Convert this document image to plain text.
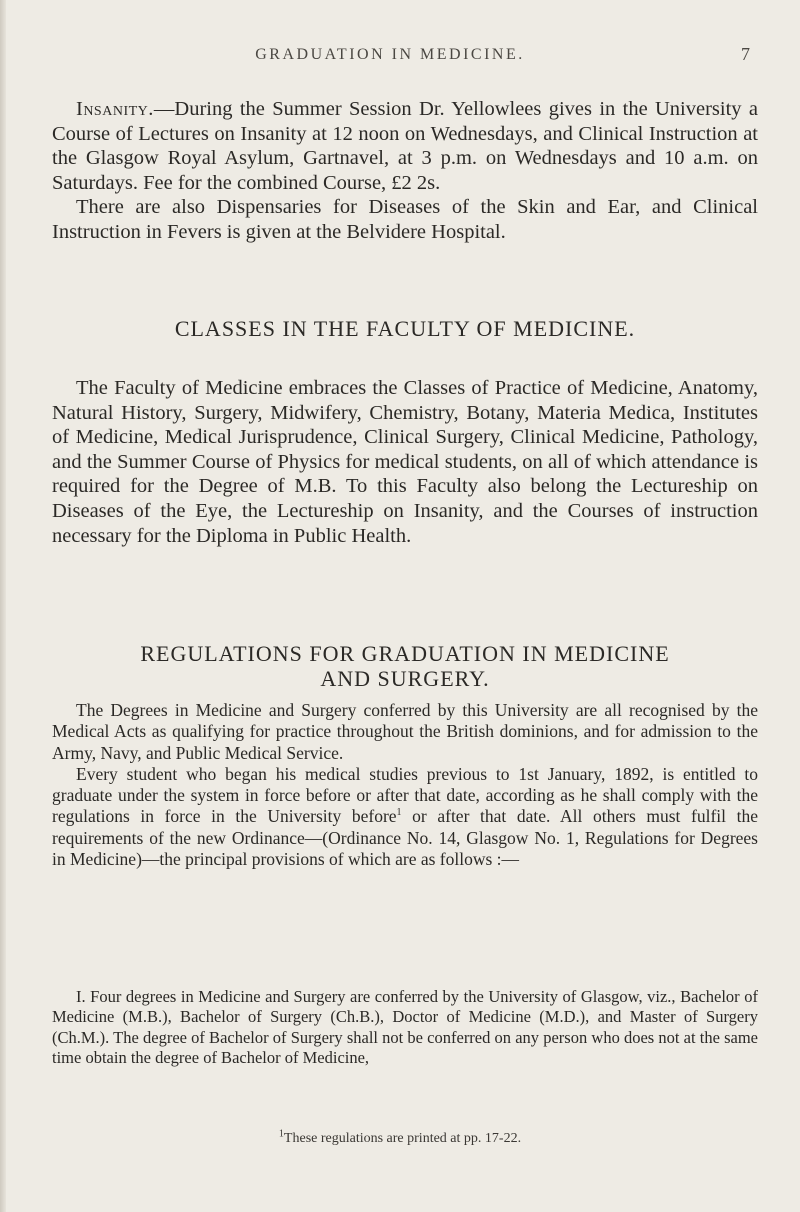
GRADUATION IN MEDICINE.	7

Insanity.—During the Summer Session Dr. Yellowlees gives in the University a Course of Lectures on Insanity at 12 noon on Wednesdays, and Clinical Instruction at the Glasgow Royal Asylum, Gartnavel, at 3 p.m. on Wednesdays and 10 a.m. on Saturdays. Fee for the combined Course, £2 2s.

There are also Dispensaries for Diseases of the Skin and Ear, and Clinical Instruction in Fevers is given at the Belvidere Hospital.

CLASSES IN THE FACULTY OF MEDICINE.

The Faculty of Medicine embraces the Classes of Practice of Medicine, Anatomy, Natural History, Surgery, Midwifery, Chemistry, Botany, Materia Medica, Institutes of Medicine, Medical Jurisprudence, Clinical Surgery, Clinical Medicine, Pathology, and the Summer Course of Physics for medical students, on all of which attendance is required for the Degree of M.B. To this Faculty also belong the Lectureship on Diseases of the Eye, the Lectureship on Insanity, and the Courses of instruction necessary for the Diploma in Public Health.

REGULATIONS FOR GRADUATION IN MEDICINE
AND SURGERY.

The Degrees in Medicine and Surgery conferred by this University are all recognised by the Medical Acts as qualifying for practice throughout the British dominions, and for admission to the Army, Navy, and Public Medical Service.

Every student who began his medical studies previous to 1st January, 1892, is entitled to graduate under the system in force before or after that date, according as he shall comply with the regulations in force in the University before$^1$ or after that date. All others must fulfil the requirements of the new Ordinance—(Ordinance No. 14, Glasgow No. 1, Regulations for Degrees in Medicine)—the principal provisions of which are as follows :—

I. Four degrees in Medicine and Surgery are conferred by the University of Glasgow, viz., Bachelor of Medicine (M.B.), Bachelor of Surgery (Ch.B.), Doctor of Medicine (M.D.), and Master of Surgery (Ch.M.). The degree of Bachelor of Surgery shall not be conferred on any person who does not at the same time obtain the degree of Bachelor of Medicine,

$^1$These regulations are printed at pp. 17-22.
